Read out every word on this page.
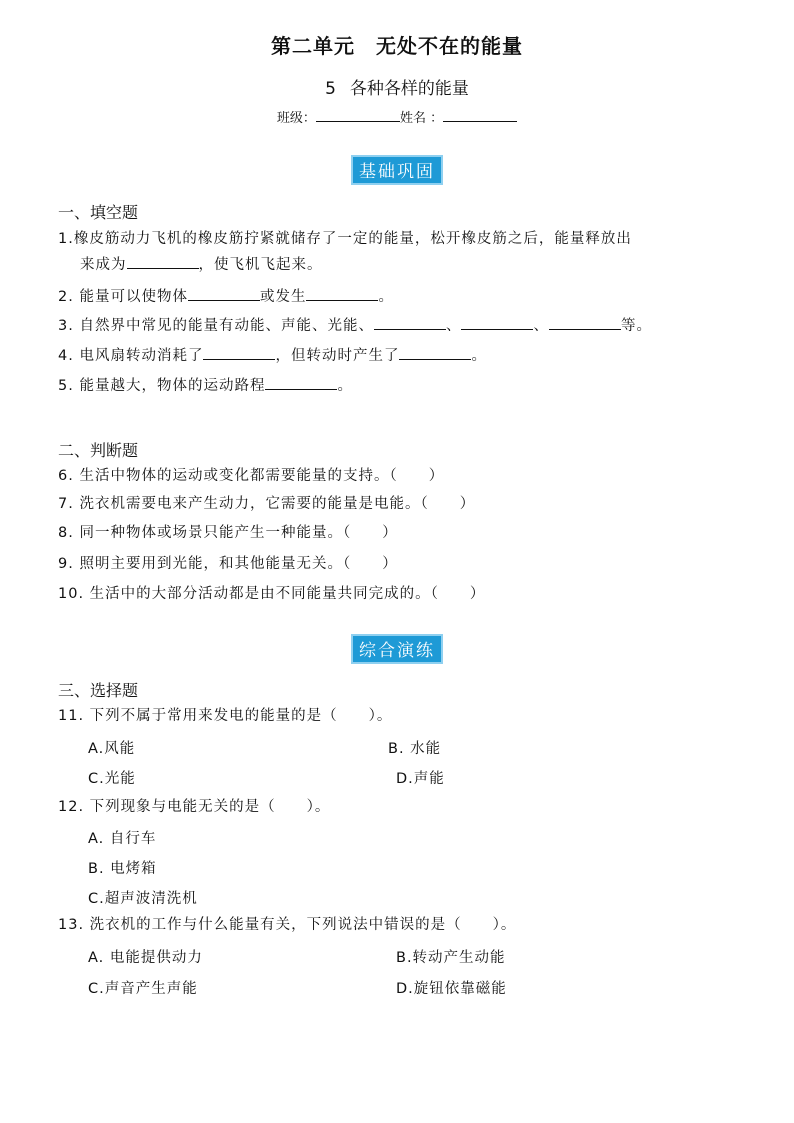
第二单元　无处不在的能量
5 各种各样的能量
班级：	姓名 ：
基础巩固
一、填空题
1.橡皮筋动力飞机的橡皮筋拧紧就储存了一定的能量，松开橡皮筋之后，能量释放出
来成为	，使飞机飞起来。
2. 能量可以使物体	或发生	。
3. 自然界中常见的能量有动能、声能、光能、	、	、	等。
4. 电风扇转动消耗了	，但转动时产生了	。
5. 能量越大，物体的运动路程	。
二、判断题
6. 生活中物体的运动或变化都需要能量的支持。（　　）
7. 洗衣机需要电来产生动力，它需要的能量是电能。（　　）
8. 同一种物体或场景只能产生一种能量。（　　）
9. 照明主要用到光能，和其他能量无关。（　　）
10. 生活中的大部分活动都是由不同能量共同完成的。（　　）
综合演练
三、选择题
11. 下列不属于常用来发电的能量的是（　　）。
A.风能	B. 水能
C.光能	D.声能
12. 下列现象与电能无关的是（　　）。
A. 自行车
B. 电烤箱
C.超声波清洗机
13. 洗衣机的工作与什么能量有关，下列说法中错误的是（　　）。
A. 电能提供动力	B.转动产生动能
C.声音产生声能	D.旋钮依靠磁能
